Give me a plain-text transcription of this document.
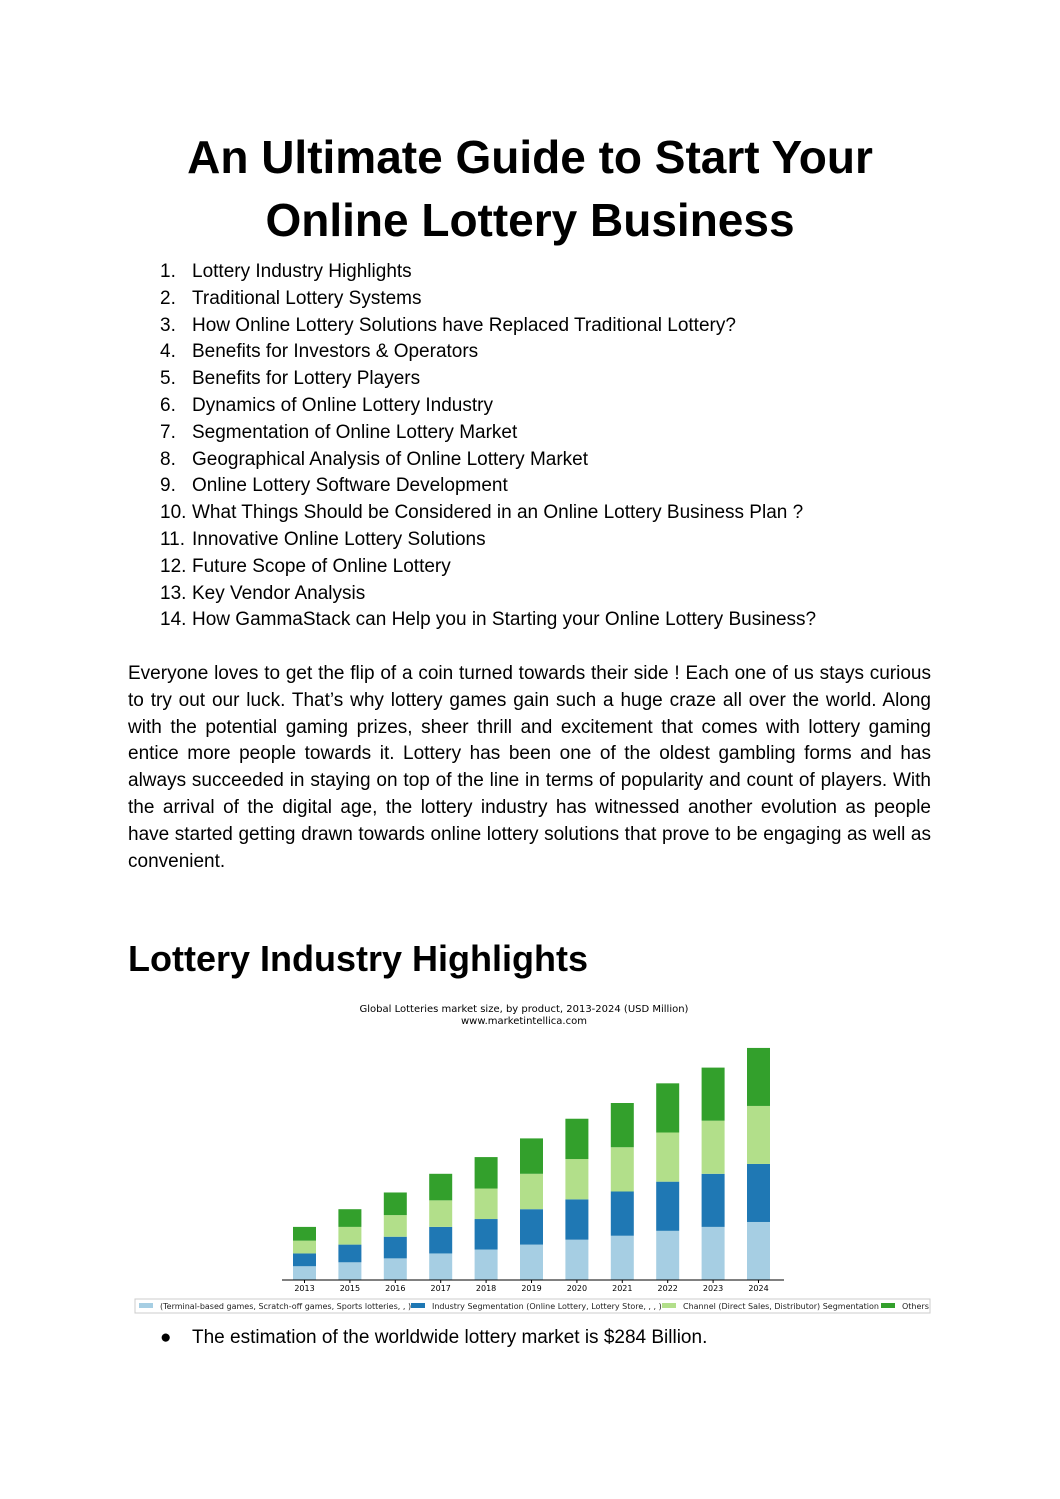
An Ultimate Guide to Start Your
Online Lottery Business
1. Lottery Industry Highlights
2. Traditional Lottery Systems
3. How Online Lottery Solutions have Replaced Traditional Lottery?
4. Benefits for Investors & Operators
5. Benefits for Lottery Players
6. Dynamics of Online Lottery Industry
7. Segmentation of Online Lottery Market
8. Geographical Analysis of Online Lottery Market
9. Online Lottery Software Development
10. What Things Should be Considered in an Online Lottery Business Plan ?
11. Innovative Online Lottery Solutions
12. Future Scope of Online Lottery
13. Key Vendor Analysis
14. How GammaStack can Help you in Starting your Online Lottery Business?

Everyone loves to get the flip of a coin turned towards their side ! Each one of us stays curious to try out our luck. That’s why lottery games gain such a huge craze all over the world. Along with the potential gaming prizes, sheer thrill and excitement that comes with lottery gaming entice more people towards it. Lottery has been one of the oldest gambling forms and has always succeeded in staying on top of the line in terms of popularity and count of players. With the arrival of the digital age, the lottery industry has witnessed another evolution as people have started getting drawn towards online lottery solutions that prove to be engaging as well as convenient.

Lottery Industry Highlights
Global Lotteries market size, by product, 2013-2024 (USD Million)
www.marketintellica.com
2013	2015	2016	2017	2018	2019	2020	2021	2022	2023	2024
(Terminal-based games, Scratch-off games, Sports lotteries, , )	Industry Segmentation (Online Lottery, Lottery Store, , , )	Channel (Direct Sales, Distributor) Segmentation	Others
●	The estimation of the worldwide lottery market is $284 Billion.
